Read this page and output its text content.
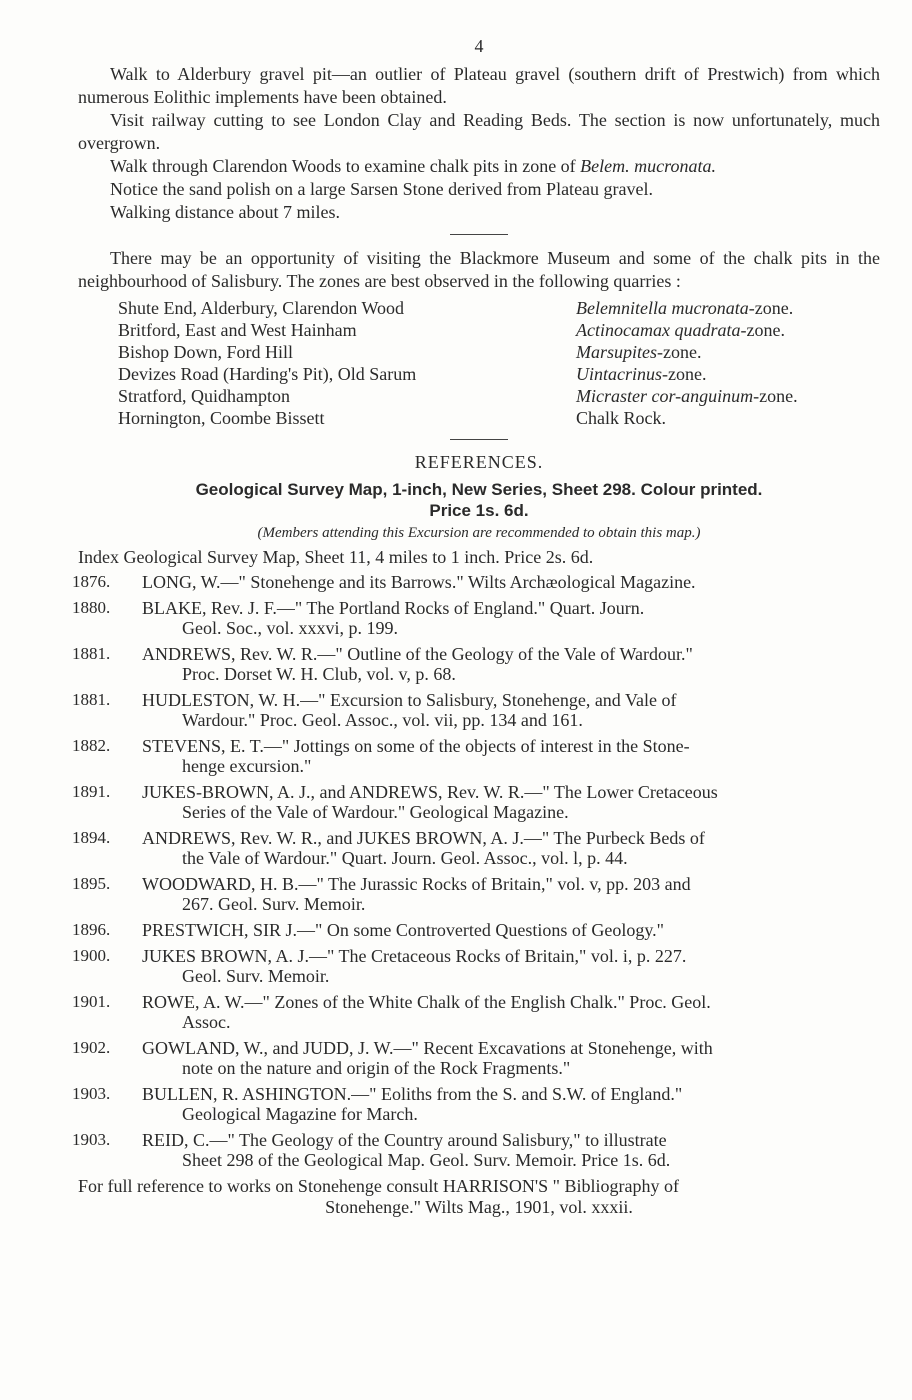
4

Walk to Alderbury gravel pit—an outlier of Plateau gravel (southern drift of Prestwich) from which numerous Eolithic implements have been obtained.

Visit railway cutting to see London Clay and Reading Beds. The section is now unfortunately, much overgrown.

Walk through Clarendon Woods to examine chalk pits in zone of Belem. mucronata.

Notice the sand polish on a large Sarsen Stone derived from Plateau gravel.

Walking distance about 7 miles.

There may be an opportunity of visiting the Blackmore Museum and some of the chalk pits in the neighbourhood of Salisbury. The zones are best observed in the following quarries :

Shute End, Alderbury, Clarendon Wood	Belemnitella mucronata-zone.
Britford, East and West Hainham	Actinocamax quadrata-zone.
Bishop Down, Ford Hill	Marsupites-zone.
Devizes Road (Harding's Pit), Old Sarum	Uintacrinus-zone.
Stratford, Quidhampton	Micraster cor-anguinum-zone.
Hornington, Coombe Bissett	Chalk Rock.
REFERENCES.
Geological Survey Map, 1-inch, New Series, Sheet 298. Colour printed.
Price 1s. 6d.
(Members attending this Excursion are recommended to obtain this map.)
Index Geological Survey Map, Sheet 11, 4 miles to 1 inch. Price 2s. 6d.
1876.	LONG, W.—" Stonehenge and its Barrows." Wilts Archæological Magazine.
1880.	BLAKE, Rev. J. F.—" The Portland Rocks of England." Quart. Journ.
Geol. Soc., vol. xxxvi, p. 199.
1881.	ANDREWS, Rev. W. R.—" Outline of the Geology of the Vale of Wardour."
Proc. Dorset W. H. Club, vol. v, p. 68.
1881.	HUDLESTON, W. H.—" Excursion to Salisbury, Stonehenge, and Vale of
Wardour." Proc. Geol. Assoc., vol. vii, pp. 134 and 161.
1882.	STEVENS, E. T.—" Jottings on some of the objects of interest in the Stone-
henge excursion."
1891.	JUKES-BROWN, A. J., and ANDREWS, Rev. W. R.—" The Lower Cretaceous
Series of the Vale of Wardour." Geological Magazine.
1894.	ANDREWS, Rev. W. R., and JUKES BROWN, A. J.—" The Purbeck Beds of
the Vale of Wardour." Quart. Journ. Geol. Assoc., vol. l, p. 44.
1895.	WOODWARD, H. B.—" The Jurassic Rocks of Britain," vol. v, pp. 203 and
267. Geol. Surv. Memoir.
1896.	PRESTWICH, SIR J.—" On some Controverted Questions of Geology."
1900.	JUKES BROWN, A. J.—" The Cretaceous Rocks of Britain," vol. i, p. 227.
Geol. Surv. Memoir.
1901.	ROWE, A. W.—" Zones of the White Chalk of the English Chalk." Proc. Geol.
Assoc.
1902.	GOWLAND, W., and JUDD, J. W.—" Recent Excavations at Stonehenge, with
note on the nature and origin of the Rock Fragments."
1903.	BULLEN, R. ASHINGTON.—" Eoliths from the S. and S.W. of England."
Geological Magazine for March.
1903.	REID, C.—" The Geology of the Country around Salisbury," to illustrate
Sheet 298 of the Geological Map. Geol. Surv. Memoir. Price 1s. 6d.
For full reference to works on Stonehenge consult HARRISON'S " Bibliography of
Stonehenge." Wilts Mag., 1901, vol. xxxii.
